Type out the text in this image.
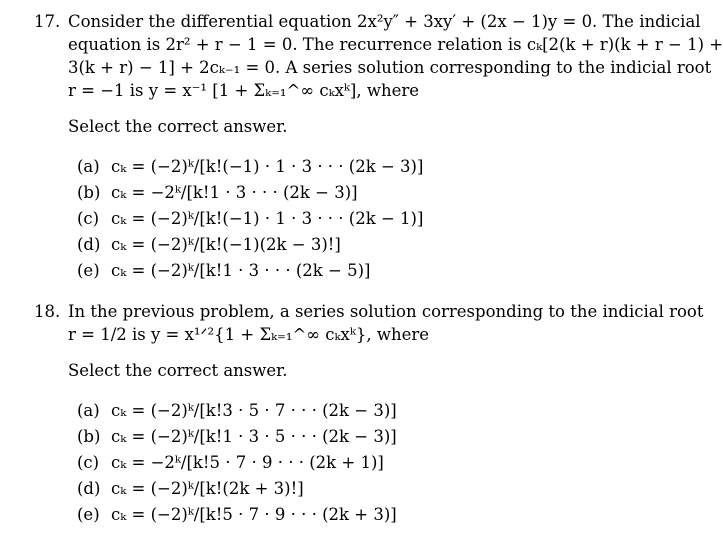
17. Consider the differential equation 2x²y″ + 3xy′ + (2x − 1)y = 0. The indicial
equation is 2r² + r − 1 = 0. The recurrence relation is cₖ[2(k + r)(k + r − 1) +
3(k + r) − 1] + 2cₖ₋₁ = 0. A series solution corresponding to the indicial root
r = −1 is y = x⁻¹ [1 + Σₖ₌₁^∞ cₖxᵏ], where
Select the correct answer.
(a) cₖ = (−2)ᵏ/[k!(−1) · 1 · 3 · · · (2k − 3)]
(b) cₖ = −2ᵏ/[k!1 · 3 · · · (2k − 3)]
(c) cₖ = (−2)ᵏ/[k!(−1) · 1 · 3 · · · (2k − 1)]
(d) cₖ = (−2)ᵏ/[k!(−1)(2k − 3)!]
(e) cₖ = (−2)ᵏ/[k!1 · 3 · · · (2k − 5)]
18. In the previous problem, a series solution corresponding to the indicial root
r = 1/2 is y = x¹ᐟ²{1 + Σₖ₌₁^∞ cₖxᵏ}, where
Select the correct answer.
(a) cₖ = (−2)ᵏ/[k!3 · 5 · 7 · · · (2k − 3)]
(b) cₖ = (−2)ᵏ/[k!1 · 3 · 5 · · · (2k − 3)]
(c) cₖ = −2ᵏ/[k!5 · 7 · 9 · · · (2k + 1)]
(d) cₖ = (−2)ᵏ/[k!(2k + 3)!]
(e) cₖ = (−2)ᵏ/[k!5 · 7 · 9 · · · (2k + 3)]
